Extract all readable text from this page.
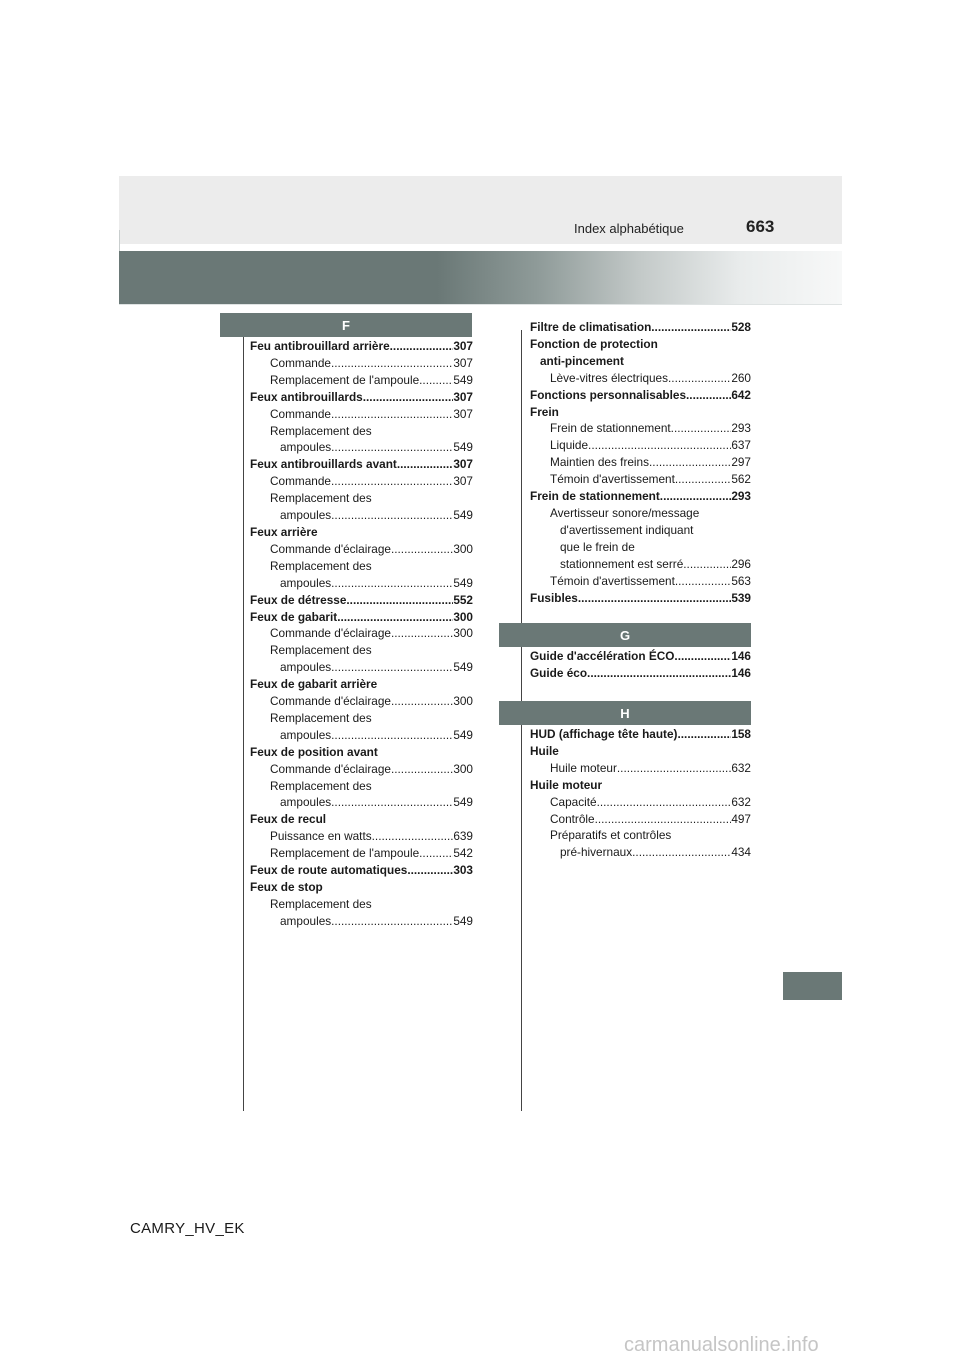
Index alphabétique	663
F
Feu antibrouillard arrière .....	307
Commande .....	307
Remplacement de l'ampoule .....	549
Feux antibrouillards .....	307
Commande .....	307
Remplacement des
ampoules .....	549
Feux antibrouillards avant .....	307
Commande .....	307
Remplacement des
ampoules .....	549
Feux arrière
Commande d'éclairage .....	300
Remplacement des
ampoules .....	549
Feux de détresse .....	552
Feux de gabarit .....	300
Commande d'éclairage .....	300
Remplacement des
ampoules .....	549
Feux de gabarit arrière
Commande d'éclairage .....	300
Remplacement des
ampoules .....	549
Feux de position avant
Commande d'éclairage .....	300
Remplacement des
ampoules .....	549
Feux de recul
Puissance en watts .....	639
Remplacement de l'ampoule .....	542
Feux de route automatiques .....	303
Feux de stop
Remplacement des
ampoules .....	549
Filtre de climatisation .....	528
Fonction de protection
anti-pincement
Lève-vitres électriques .....	260
Fonctions personnalisables .....	642
Frein
Frein de stationnement .....	293
Liquide .....	637
Maintien des freins .....	297
Témoin d'avertissement .....	562
Frein de stationnement .....	293
Avertisseur sonore/message
d'avertissement indiquant
que le frein de
stationnement est serré .....	296
Témoin d'avertissement .....	563
Fusibles .....	539
G
Guide d'accélération ÉCO .....	146
Guide éco .....	146
H
HUD (affichage tête haute) .....	158
Huile
Huile moteur .....	632
Huile moteur
Capacité .....	632
Contrôle .....	497
Préparatifs et contrôles
pré-hivernaux .....	434
CAMRY_HV_EK
carmanualsonline.info
